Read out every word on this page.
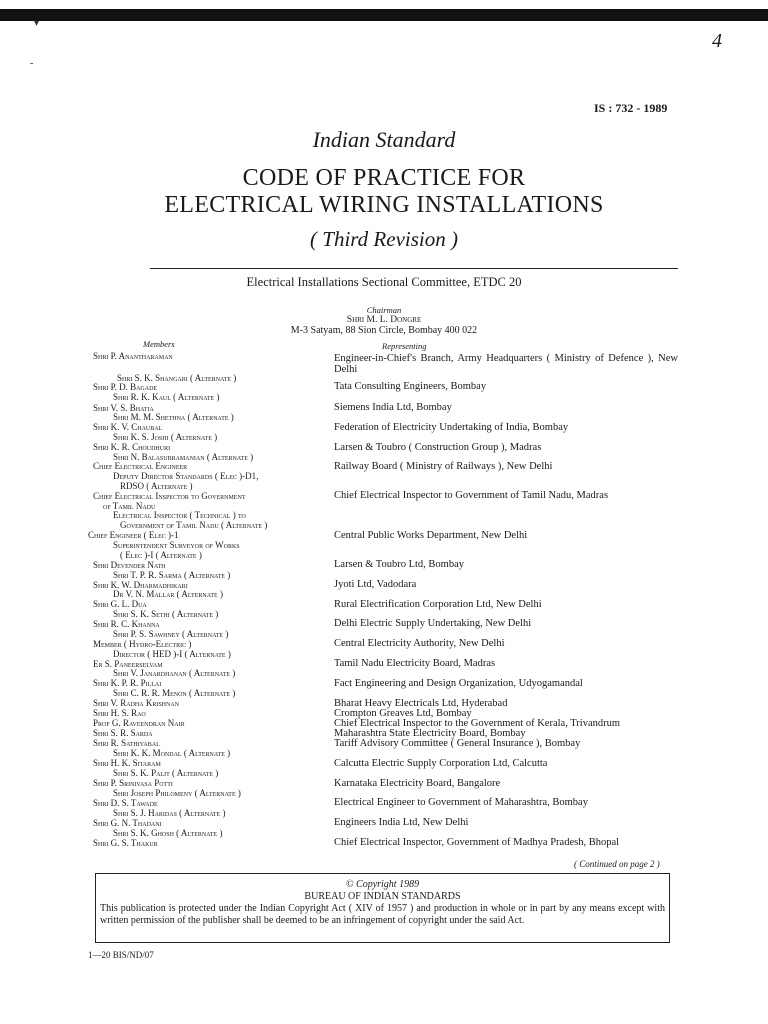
▾
-
4
IS : 732 - 1989
Indian Standard
CODE OF PRACTICE FOR
ELECTRICAL WIRING INSTALLATIONS
( Third Revision )
Electrical Installations Sectional Committee, ETDC 20
Chairman
Shri M. L. Dongre
M-3 Satyam, 88 Sion Circle, Bombay 400 022
Members	Representing
Shri P. Anantharaman
Shri S. K. Shangari ( Alternate )
Shri P. D. Bagade
Shri R. K. Kaul ( Alternate )
Shri V. S. Bhatia
Shri M. M. Shethna ( Alternate )
Shri K. V. Chaubal
Shri K. S. Joshi ( Alternate )
Shri K. R. Choudhuri
Shri N. Balasubramanian ( Alternate )
Chief Electrical Engineer
Deputy Director Standards ( Elec )-D1,
RDSO ( Alternate )
Chief Electrical Inspector to Government
of Tamil Nadu
Electrical Inspector ( Technical ) to
Government of Tamil Nadu ( Alternate )
Chief Engineer ( Elec )-1
Superintendent Surveyor of Works
( Elec )-I ( Alternate )
Shri Devender Nath
Shri T. P. R. Sarma ( Alternate )
Shri K. W. Dharmadhikari
Dr V. N. Mallar ( Alternate )
Shri G. L. Dua
Shri S. K. Sethi ( Alternate )
Shri R. C. Khanna
Shri P. S. Sawhney ( Alternate )
Member ( Hydro-Electric )
Director ( HED )-I ( Alternate )
Er S. Paneerselvam
Shri V. Janardhanan ( Alternate )
Shri K. P. R. Pillai
Shri C. R. R. Menon ( Alternate )
Shri V. Radha Krishnan
Shri H. S. Rao
Prof G. Raveendran Nair
Shri S. R. Sarda
Shri R. Sathiyabal
Shri K. K. Mondal ( Alternate )
Shri H. K. Sitaram
Shri S. K. Palit ( Alternate )
Shri P. Srinivasa Potti
Shri Joseph Philomeny ( Alternate )
Shri D. S. Tawade
Shri S. J. Haridas ( Alternate )
Shri G. N. Thadani
Shri S. K. Ghosh ( Alternate )
Shri G. S. Thakur
Engineer-in-Chief's Branch, Army Headquarters ( Ministry of Defence ), New Delhi
Tata Consulting Engineers, Bombay
Siemens India Ltd, Bombay
Federation of Electricity Undertaking of India, Bombay
Larsen & Toubro ( Construction Group ), Madras
Railway Board ( Ministry of Railways ), New Delhi
Chief Electrical Inspector to Government of Tamil Nadu, Madras
Central Public Works Department, New Delhi
Larsen & Toubro Ltd, Bombay
Jyoti Ltd, Vadodara
Rural Electrification Corporation Ltd, New Delhi
Delhi Electric Supply Undertaking, New Delhi
Central Electricity Authority, New Delhi
Tamil Nadu Electricity Board, Madras
Fact Engineering and Design Organization, Udyogamandal
Bharat Heavy Electricals Ltd, Hyderabad
Crompton Greaves Ltd, Bombay
Chief Electrical Inspector to the Government of Kerala, Trivandrum
Maharashtra State Electricity Board, Bombay
Tariff Advisory Committee ( General Insurance ), Bombay
Calcutta Electric Supply Corporation Ltd, Calcutta
Karnataka Electricity Board, Bangalore
Electrical Engineer to Government of Maharashtra, Bombay
Engineers India Ltd, New Delhi
Chief Electrical Inspector, Government of Madhya Pradesh, Bhopal
( Continued on page 2 )
© Copyright 1989
BUREAU OF INDIAN STANDARDS
This publication is protected under the Indian Copyright Act ( XIV of 1957 ) and production in whole or in part by any means except with written permission of the publisher shall be deemed to be an infringement of copyright under the said Act.
1—20 BIS/ND/07
